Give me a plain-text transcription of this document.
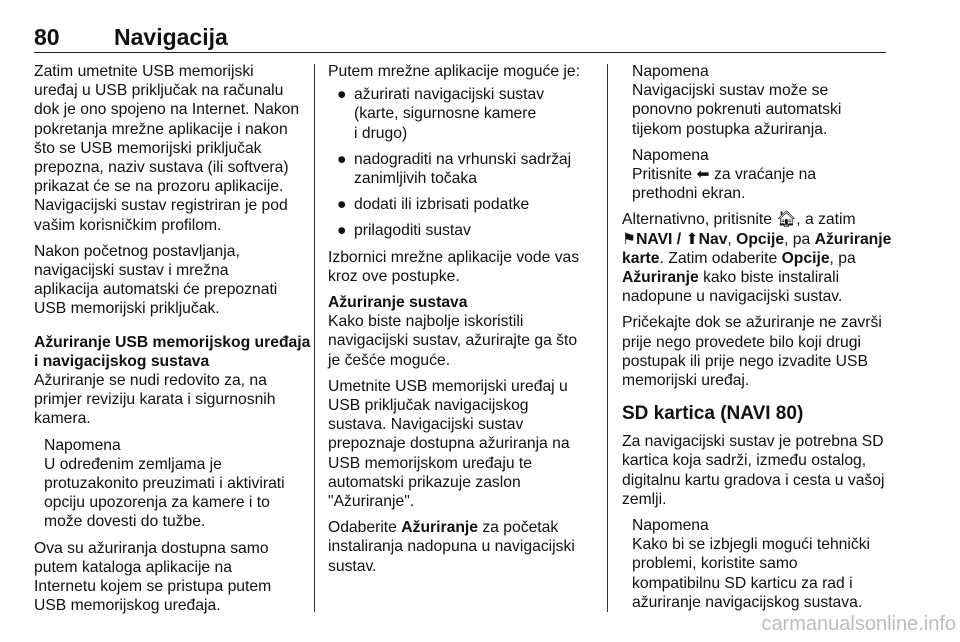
80 Navigacija
Zatim umetnite USB memorijski
uređaj u USB priključak na računalu
dok je ono spojeno na Internet. Nakon
pokretanja mrežne aplikacije i nakon
što se USB memorijski priključak
prepozna, naziv sustava (ili softvera)
prikazat će se na prozoru aplikacije.
Navigacijski sustav registriran je pod
vašim korisničkim profilom.
Nakon početnog postavljanja,
navigacijski sustav i mrežna
aplikacija automatski će prepoznati
USB memorijski priključak.
Ažuriranje USB memorijskog uređaja
i navigacijskog sustava
Ažuriranje se nudi redovito za, na
primjer reviziju karata i sigurnosnih
kamera.
Napomena
U određenim zemljama je
protuzakonito preuzimati i aktivirati
opciju upozorenja za kamere i to
može dovesti do tužbe.
Ova su ažuriranja dostupna samo
putem kataloga aplikacije na
Internetu kojem se pristupa putem
USB memorijskog uređaja.
Putem mrežne aplikacije moguće je:
● ažurirati navigacijski sustav
(karte, sigurnosne kamere
i drugo)
● nadograditi na vrhunski sadržaj
zanimljivih točaka
● dodati ili izbrisati podatke
● prilagoditi sustav
Izbornici mrežne aplikacije vode vas
kroz ove postupke.
Ažuriranje sustava
Kako biste najbolje iskoristili
navigacijski sustav, ažurirajte ga što
je češće moguće.
Umetnite USB memorijski uređaj u
USB priključak navigacijskog
sustava. Navigacijski sustav
prepoznaje dostupna ažuriranja na
USB memorijskom uređaju te
automatski prikazuje zaslon
"Ažuriranje".
Odaberite Ažuriranje za početak
instaliranja nadopuna u navigacijski
sustav.
Napomena
Navigacijski sustav može se
ponovno pokrenuti automatski
tijekom postupka ažuriranja.
Napomena
Pritisnite ⬅ za vraćanje na
prethodni ekran.
Alternativno, pritisnite 🏠︎, a zatim
⚑NAVI / ⬆Nav, Opcije, pa Ažuriranje
karte. Zatim odaberite Opcije, pa
Ažuriranje kako biste instalirali
nadopune u navigacijski sustav.
Pričekajte dok se ažuriranje ne završi
prije nego provedete bilo koji drugi
postupak ili prije nego izvadite USB
memorijski uređaj.
SD kartica (NAVI 80)
Za navigacijski sustav je potrebna SD
kartica koja sadrži, između ostalog,
digitalnu kartu gradova i cesta u vašoj
zemlji.
Napomena
Kako bi se izbjegli mogući tehnički
problemi, koristite samo
kompatibilnu SD karticu za rad i
ažuriranje navigacijskog sustava.
carmanualsonline.info
